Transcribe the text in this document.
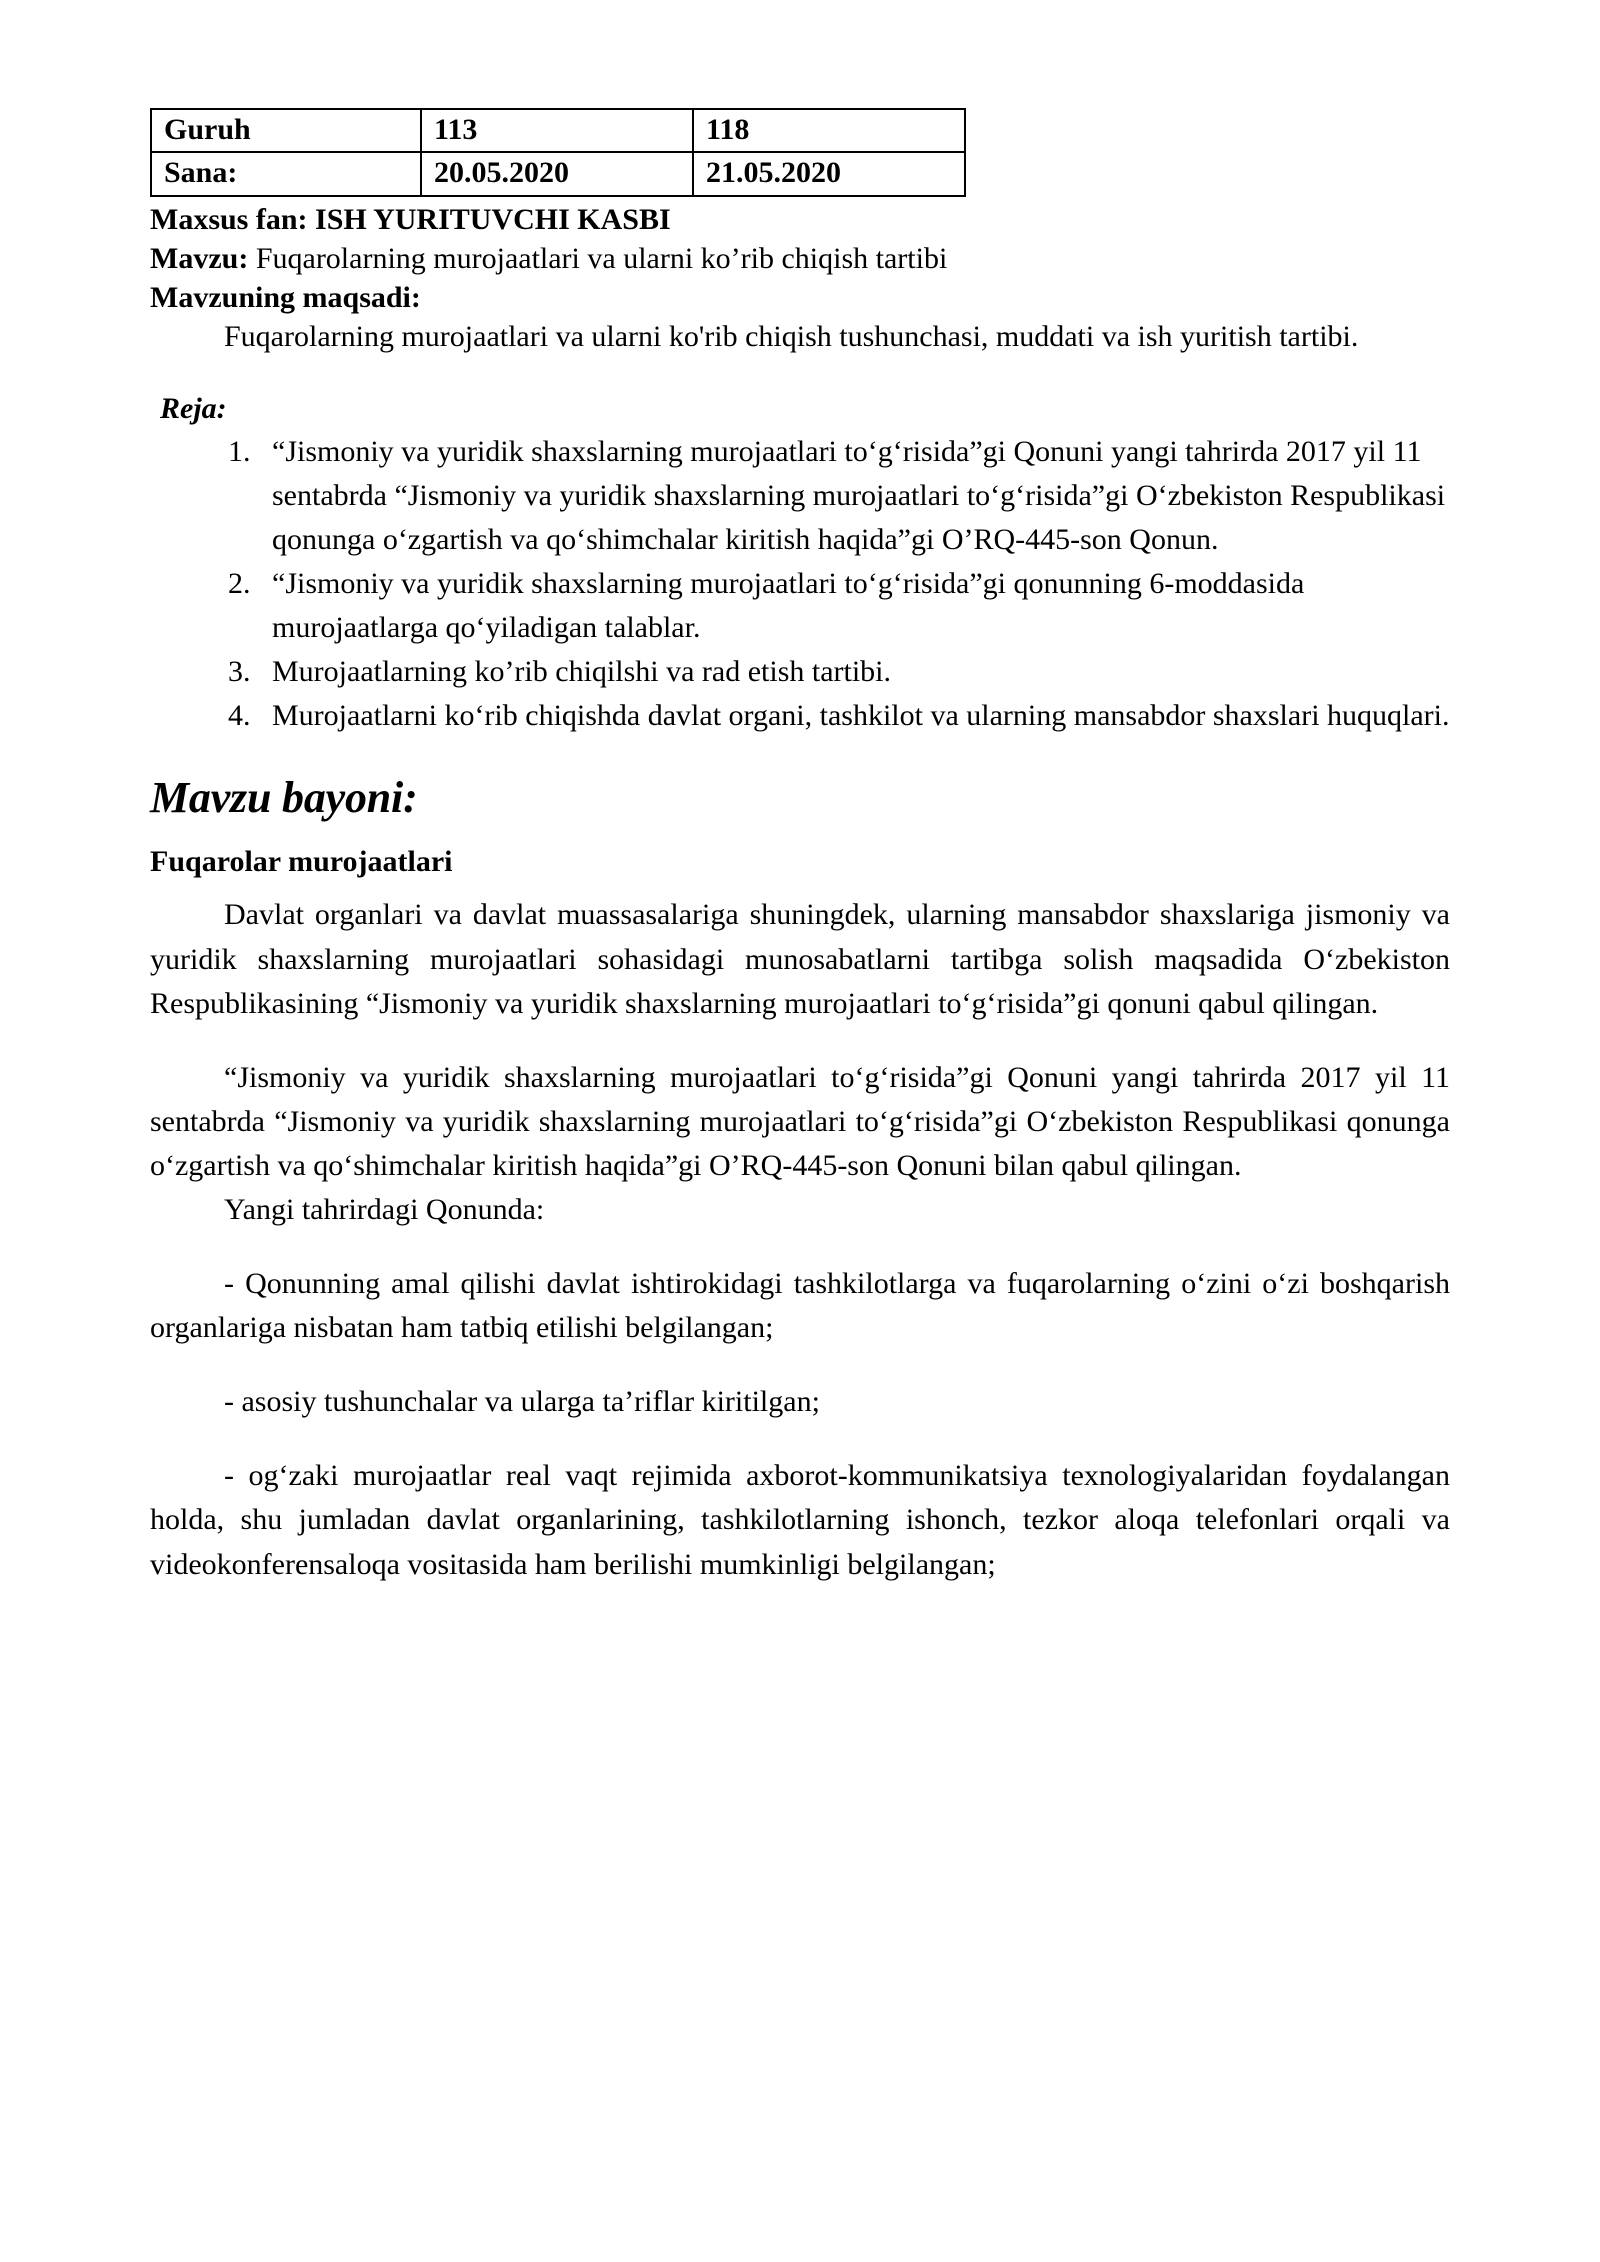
Guruh	113	118
Sana:	20.05.2020	21.05.2020
Maxsus fan: ISH YURITUVCHI KASBI
Mavzu: Fuqarolarning murojaatlari va ularni ko’rib chiqish tartibi
Mavzuning maqsadi:
Fuqarolarning murojaatlari va ularni ko'rib chiqish tushunchasi, muddati va ish yuritish tartibi.
Reja:
1. “Jismoniy va yuridik shaxslarning murojaatlari to‘g‘risida”gi Qonuni yangi tahrirda 2017 yil 11 sentabrda “Jismoniy va yuridik shaxslarning murojaatlari to‘g‘risida”gi O‘zbekiston Respublikasi qonunga o‘zgartish va qo‘shimchalar kiritish haqida”gi O’RQ-445-son Qonun.
2. “Jismoniy va yuridik shaxslarning murojaatlari to‘g‘risida”gi qonunning 6-moddasida murojaatlarga qo‘yiladigan talablar.
3. Murojaatlarning ko’rib chiqilshi va rad etish tartibi.
4. Murojaatlarni ko‘rib chiqishda davlat organi, tashkilot va ularning mansabdor shaxslari huquqlari.
Mavzu bayoni:
Fuqarolar murojaatlari

Davlat organlari va davlat muassasalariga shuningdek, ularning mansabdor shaxslariga jismoniy va yuridik shaxslarning murojaatlari sohasidagi munosabatlarni tartibga solish maqsadida O‘zbekiston Respublikasining “Jismoniy va yuridik shaxslarning murojaatlari to‘g‘risida”gi qonuni qabul qilingan.

“Jismoniy va yuridik shaxslarning murojaatlari to‘g‘risida”gi Qonuni yangi tahrirda 2017 yil 11 sentabrda “Jismoniy va yuridik shaxslarning murojaatlari to‘g‘risida”gi O‘zbekiston Respublikasi qonunga o‘zgartish va qo‘shimchalar kiritish haqida”gi O’RQ-445-son Qonuni bilan qabul qilingan.

Yangi tahrirdagi Qonunda:

- Qonunning amal qilishi davlat ishtirokidagi tashkilotlarga va fuqarolarning o‘zini o‘zi boshqarish organlariga nisbatan ham tatbiq etilishi belgilangan;

- asosiy tushunchalar va ularga ta’riflar kiritilgan;

- og‘zaki murojaatlar real vaqt rejimida axborot-kommunikatsiya texnologiyalaridan foydalangan holda, shu jumladan davlat organlarining, tashkilotlarning ishonch, tezkor aloqa telefonlari orqali va videokonferensaloqa vositasida ham berilishi mumkinligi belgilangan;
